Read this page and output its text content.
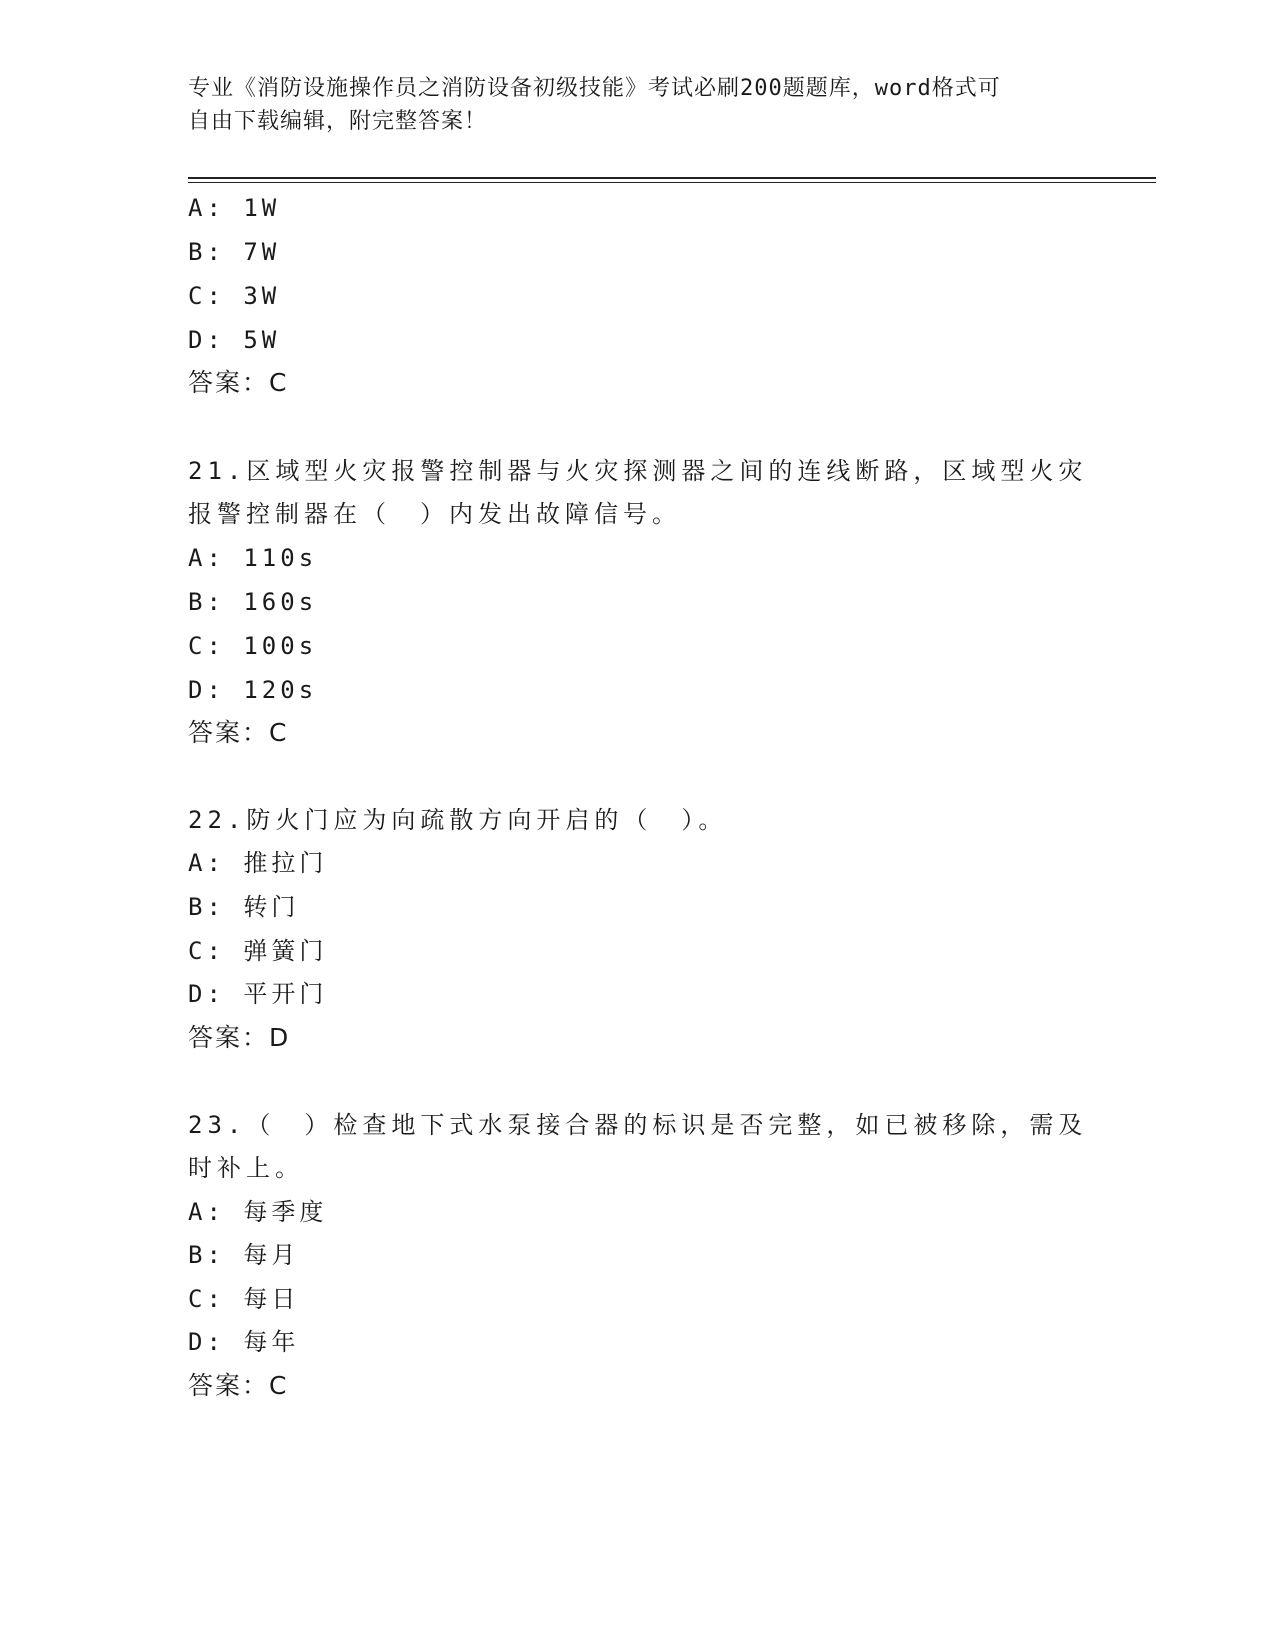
专业《消防设施操作员之消防设备初级技能》考试必刷200题题库，word格式可
自由下载编辑，附完整答案！
A: 1W
B: 7W
C: 3W
D: 5W
答案：C
21.区域型火灾报警控制器与火灾探测器之间的连线断路，区域型火灾
报警控制器在（　）内发出故障信号。
A: 110s
B: 160s
C: 100s
D: 120s
答案：C
22.防火门应为向疏散方向开启的（　）。
A: 推拉门
B: 转门
C: 弹簧门
D: 平开门
答案：D
23.（　）检查地下式水泵接合器的标识是否完整，如已被移除，需及
时补上。
A: 每季度
B: 每月
C: 每日
D: 每年
答案：C
